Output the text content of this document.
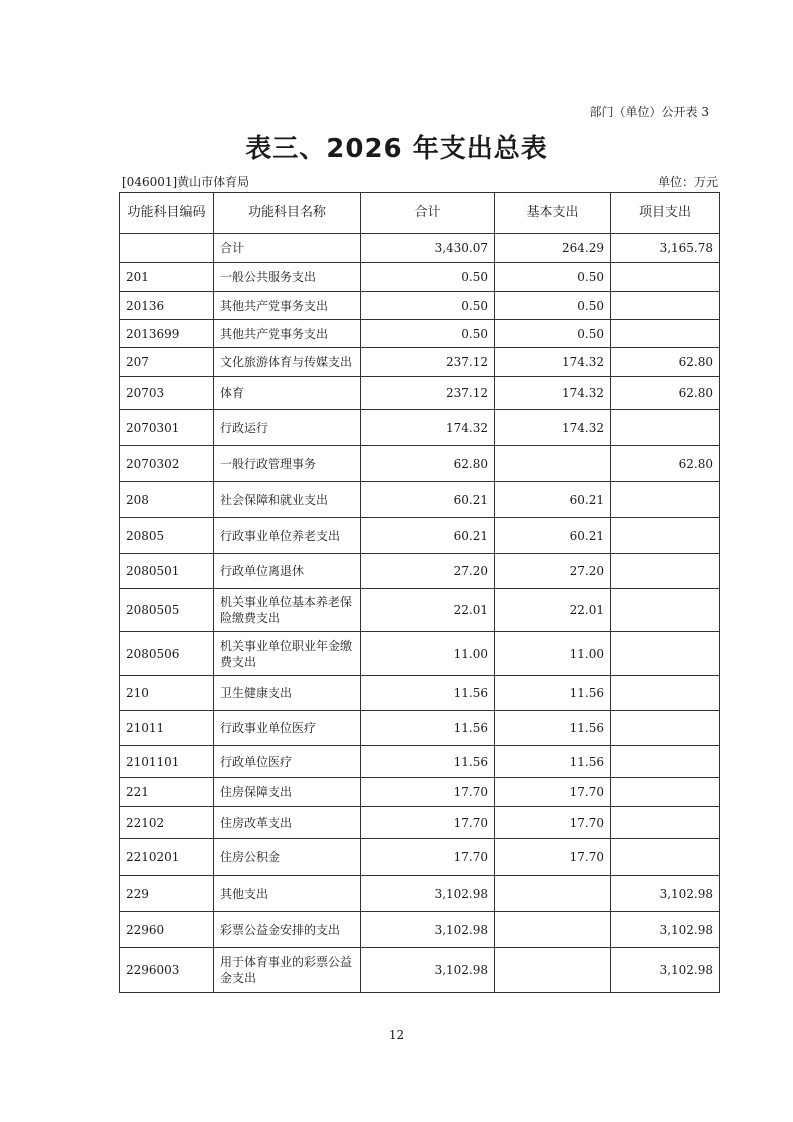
部门（单位）公开表 3
表三、2026 年支出总表
[046001]黄山市体育局	单位：万元
功能科目编码	功能科目名称	合计	基本支出	项目支出
	合计	3,430.07	264.29	3,165.78
201	一般公共服务支出	0.50	0.50	
20136	其他共产党事务支出	0.50	0.50	
2013699	其他共产党事务支出	0.50	0.50	
207	文化旅游体育与传媒支出	237.12	174.32	62.80
20703	体育	237.12	174.32	62.80
2070301	行政运行	174.32	174.32	
2070302	一般行政管理事务	62.80		62.80
208	社会保障和就业支出	60.21	60.21	
20805	行政事业单位养老支出	60.21	60.21	
2080501	行政单位离退休	27.20	27.20	
2080505	机关事业单位基本养老保险缴费支出	22.01	22.01	
2080506	机关事业单位职业年金缴费支出	11.00	11.00	
210	卫生健康支出	11.56	11.56	
21011	行政事业单位医疗	11.56	11.56	
2101101	行政单位医疗	11.56	11.56	
221	住房保障支出	17.70	17.70	
22102	住房改革支出	17.70	17.70	
2210201	住房公积金	17.70	17.70	
229	其他支出	3,102.98		3,102.98
22960	彩票公益金安排的支出	3,102.98		3,102.98
2296003	用于体育事业的彩票公益金支出	3,102.98		3,102.98
12
